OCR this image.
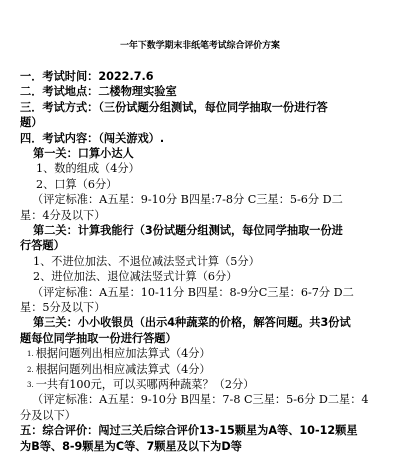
一年下数学期末非纸笔考试综合评价方案
一．考试时间：2022.7.6
二．考试地点：二楼物理实验室
三．考试方式：（三份试题分组测试，每位同学抽取一份进行答
题）
四．考试内容：（闯关游戏）.
第一关：口算小达人
1、数的组成（4分）
2、口算（6分）
（评定标准：A五星：9-10分 B四星:7-8分 C三星：5-6分 D二
星：4分及以下）
第二关：计算我能行（3份试题分组测试，每位同学抽取一份进
行答题）
1、不进位加法、不退位减法竖式计算（5分）
2、进位加法、退位减法竖式计算（6分）
（评定标准：A五星：10-11分 B四星：8-9分C三星：6-7分 D二
星：5分及以下）
第三关：小小收银员（出示4种蔬菜的价格，解答问题。共3份试
题每位同学抽取一份进行答题）
1. 根据问题列出相应加法算式（4分）
2. 根据问题列出相应减法算式（4分）
3. 一共有100元，可以买哪两种蔬菜？（2分）
（评定标准：A五星：9-10分 B四星：7-8 C三星：5-6分 D二星：4
分及以下）
五：综合评价：闯过三关后综合评价13-15颗星为A等、10-12颗星
为B等、8-9颗星为C等、7颗星及以下为D等
